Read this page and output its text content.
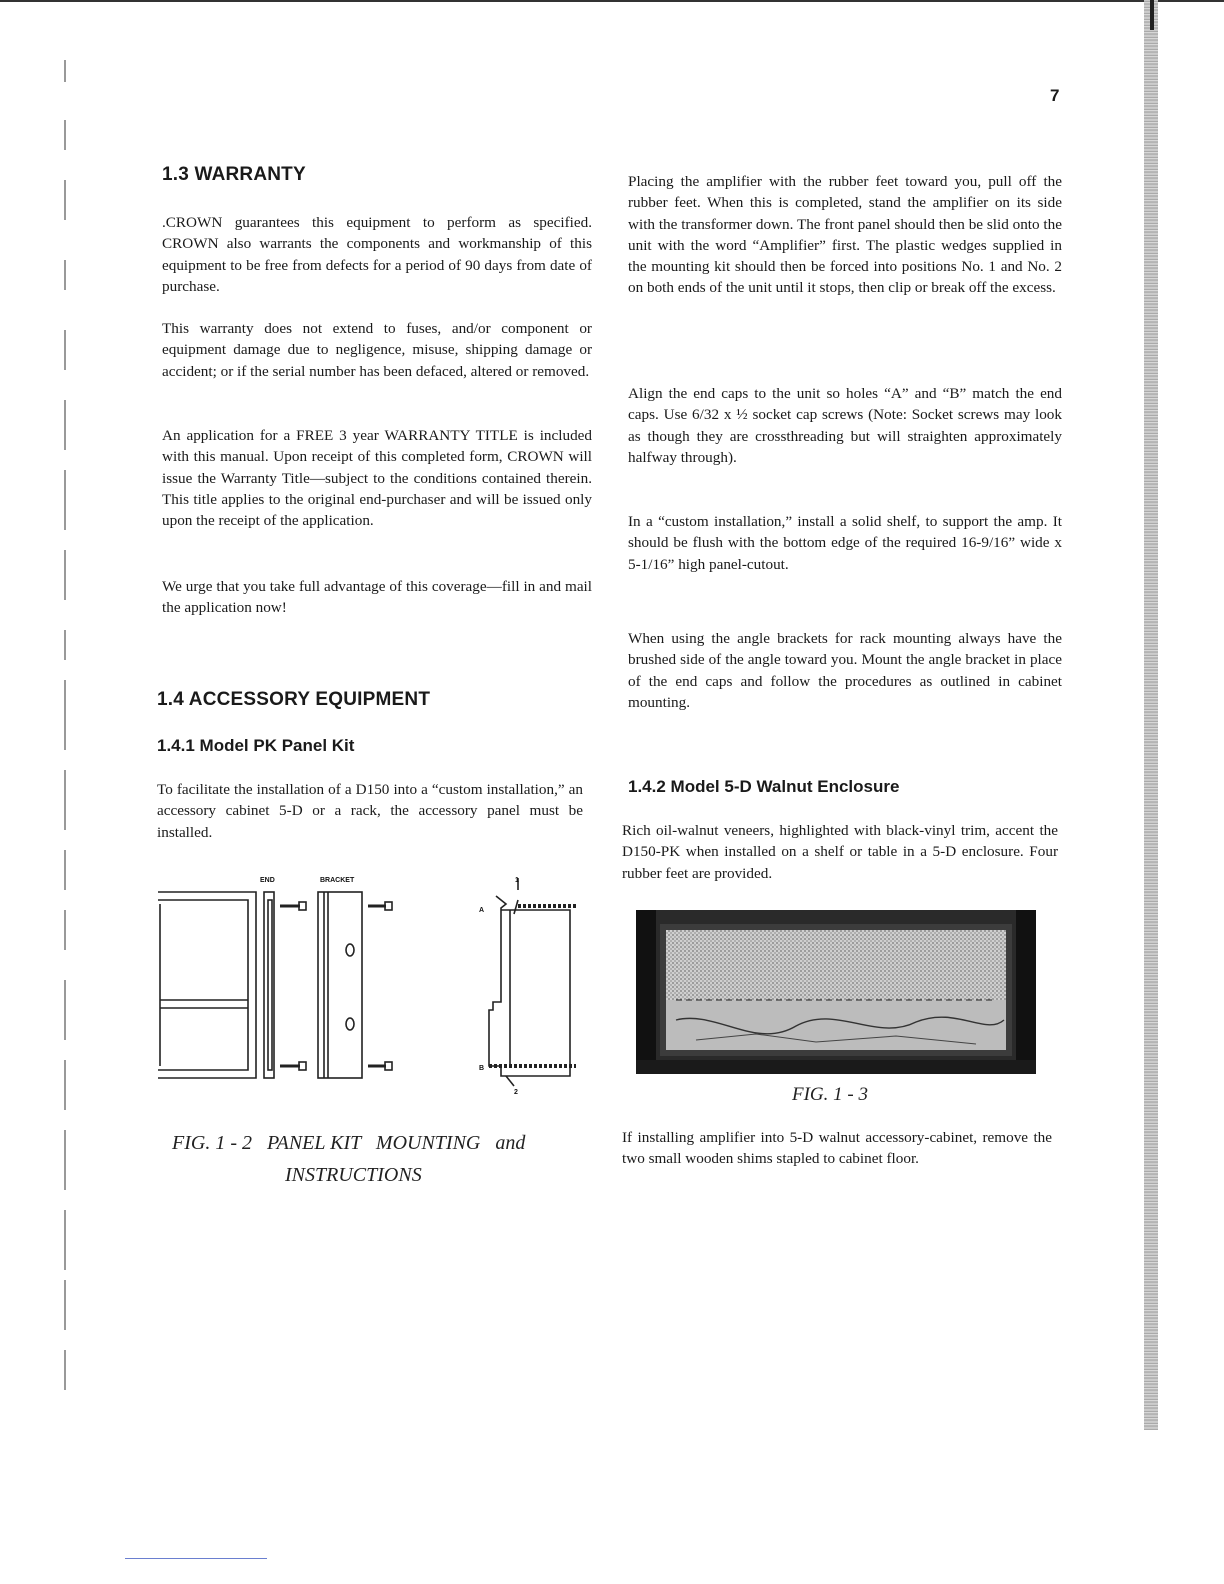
7
1.3 WARRANTY

.CROWN guarantees this equipment to perform as specified. CROWN also warrants the components and workmanship of this equipment to be free from defects for a period of 90 days from date of purchase.

This warranty does not extend to fuses, and/or component or equipment damage due to negligence, misuse, shipping damage or accident; or if the serial number has been defaced, altered or removed.

An application for a FREE 3 year WARRANTY TITLE is included with this manual. Upon receipt of this completed form, CROWN will issue the Warranty Title—subject to the conditions contained therein. This title applies to the original end-purchaser and will be issued only upon the receipt of the application.

We urge that you take full advantage of this coverage—fill in and mail the application now!

1.4 ACCESSORY EQUIPMENT
1.4.1 Model PK Panel Kit

To facilitate the installation of a D150 into a “custom installation,” an accessory cabinet 5-D or a rack, the accessory panel must be installed.

END	BRACKET
A
B
1
2
FIG. 1 - 2   PANEL KIT   MOUNTING   and
INSTRUCTIONS

Placing the amplifier with the rubber feet toward you, pull off the rubber feet. When this is completed, stand the amplifier on its side with the transformer down. The front panel should then be slid onto the unit with the word “Amplifier” first. The plastic wedges supplied in the mounting kit should then be forced into positions No. 1 and No. 2 on both ends of the unit until it stops, then clip or break off the excess.

Align the end caps to the unit so holes “A” and “B” match the end caps. Use 6/32 x ½ socket cap screws (Note: Socket screws may look as though they are crossthreading but will straighten approximately halfway through).

In a “custom installation,” install a solid shelf, to support the amp. It should be flush with the bottom edge of the required 16-9/16” wide x 5-1/16” high panel-cutout.

When using the angle brackets for rack mounting always have the brushed side of the angle toward you. Mount the angle bracket in place of the end caps and follow the procedures as outlined in cabinet mounting.

1.4.2 Model 5-D Walnut Enclosure

Rich oil-walnut veneers, highlighted with black-vinyl trim, accent the D150-PK when installed on a shelf or table in a 5-D enclosure. Four rubber feet are provided.

FIG. 1 - 3

If installing amplifier into 5-D walnut accessory-cabinet, remove the two small wooden shims stapled to cabinet floor.
